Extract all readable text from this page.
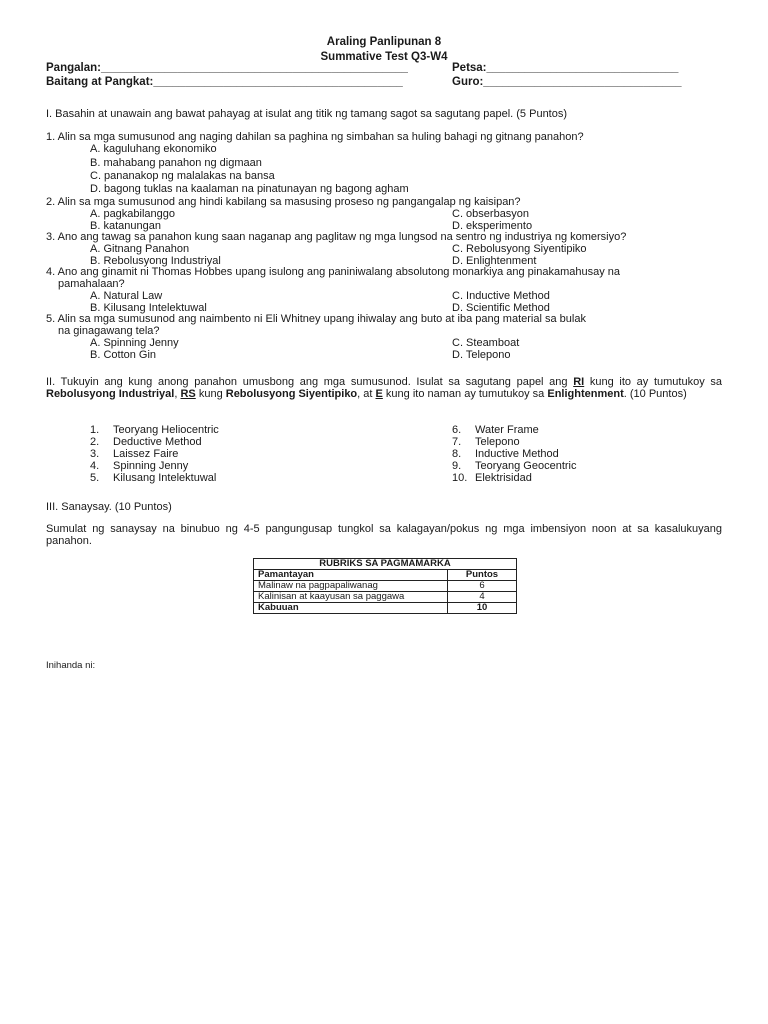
Araling Panlipunan 8
Summative Test Q3-W4
Pangalan:________________________________________________	Petsa:______________________________
Baitang at Pangkat:_______________________________________	Guro:_______________________________
I. Basahin at unawain ang bawat pahayag at isulat ang titik ng tamang sagot sa sagutang papel. (5 Puntos)
1. Alin sa mga sumusunod ang naging dahilan sa paghina ng simbahan sa huling bahagi ng gitnang panahon?
A. kaguluhang ekonomiko
B. mahabang panahon ng digmaan
C. pananakop ng malalakas na bansa
D. bagong tuklas na kaalaman na pinatunayan ng bagong agham
2. Alin sa mga sumusunod ang hindi kabilang sa masusing proseso ng pangangalap ng kaisipan?
A. pagkabilanggo	C. obserbasyon
B. katanungan	D. eksperimento
3. Ano ang tawag sa panahon kung saan naganap ang paglitaw ng mga lungsod na sentro ng industriya ng komersiyo?
A. Gitnang Panahon	C. Rebolusyong Siyentipiko
B. Rebolusyong Industriyal	D. Enlightenment
4. Ano ang ginamit ni Thomas Hobbes upang isulong ang paniniwalang absolutong monarkiya ang pinakamahusay na
pamahalaan?
A. Natural Law	C. Inductive Method
B. Kilusang Intelektuwal	D. Scientific Method
5. Alin sa mga sumusunod ang naimbento ni Eli Whitney upang ihiwalay ang buto at iba pang material sa bulak
na ginagawang tela?
A. Spinning Jenny	C. Steamboat
B. Cotton Gin	D. Telepono
II. Tukuyin ang kung anong panahon umusbong ang mga sumusunod. Isulat sa sagutang papel ang RI kung ito ay tumutukoy sa Rebolusyong Industriyal, RS kung Rebolusyong Siyentipiko, at E kung ito naman ay tumutukoy sa Enlightenment. (10 Puntos)
1. Teoryang Heliocentric
2. Deductive Method
3. Laissez Faire
4. Spinning Jenny
5. Kilusang Intelektuwal
6. Water Frame
7. Telepono
8. Inductive Method
9. Teoryang Geocentric
10. Elektrisidad
III. Sanaysay. (10 Puntos)
Sumulat ng sanaysay na binubuo ng 4-5 pangungusap tungkol sa kalagayan/pokus ng mga imbensiyon noon at sa kasalukuyang panahon.
RUBRIKS SA PAGMAMARKA	
Pamantayan	Puntos
Malinaw na pagpapaliwanag	6
Kalinisan at kaayusan sa paggawa	4
Kabuuan	10
Inihanda ni:
